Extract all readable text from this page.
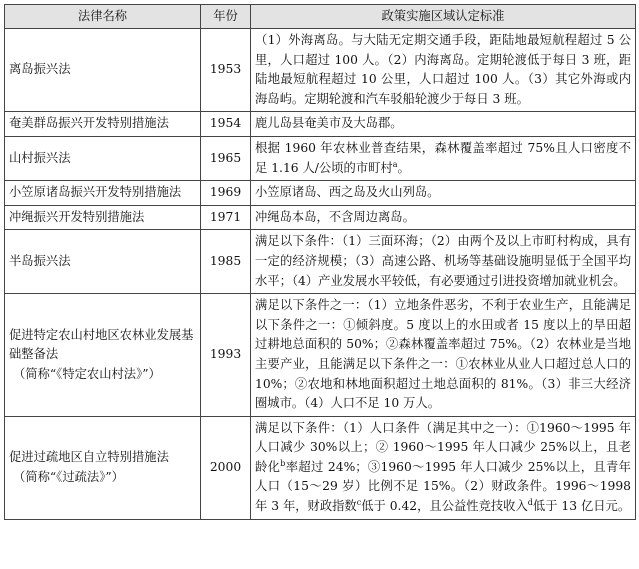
法律名称	年份	政策实施区域认定标准
离岛振兴法	1953	（1）外海离岛。与大陆无定期交通手段，距陆地最短航程超过 5 公里，人口超过 100 人。（2）内海离岛。定期轮渡低于每日 3 班，距陆地最短航程超过 10 公里，人口超过 100 人。（3）其它外海或内海岛屿。定期轮渡和汽车驳船轮渡少于每日 3 班。
奄美群岛振兴开发特别措施法	1954	鹿儿岛县奄美市及大岛郡。
山村振兴法	1965	根据 1960 年农林业普查结果，森林覆盖率超过 75%且人口密度不足 1.16 人/公顷的市町村$^a$。
小笠原诸岛振兴开发特别措施法	1969	小笠原诸岛、西之岛及火山列岛。
冲绳振兴开发特别措施法	1971	冲绳岛本岛，不含周边离岛。
半岛振兴法	1985	满足以下条件：（1）三面环海；（2）由两个及以上市町村构成，具有一定的经济规模；（3）高速公路、机场等基础设施明显低于全国平均水平；（4）产业发展水平较低，有必要通过引进投资增加就业机会。
促进特定农山村地区农林业发展基础整备法
（简称“《特定农山村法》”）	1993	满足以下条件之一：（1）立地条件恶劣，不利于农业生产，且能满足以下条件之一：①倾斜度。5 度以上的水田或者 15 度以上的旱田超过耕地总面积的 50%；②森林覆盖率超过 75%。（2）农林业是当地主要产业，且能满足以下条件之一：①农林业从业人口超过总人口的 10%；②农地和林地面积超过土地总面积的 81%。（3）非三大经济圈城市。（4）人口不足 10 万人。
促进过疏地区自立特别措施法
（简称“《过疏法》”）	2000	满足以下条件：（1）人口条件（满足其中之一）：①1960～1995 年人口减少 30%以上；② 1960～1995 年人口减少 25%以上，且老龄化$^b$率超过 24%；③1960～1995 年人口减少 25%以上，且青年人口（15～29 岁）比例不足 15%。（2）财政条件。1996～1998 年 3 年，财政指数$^c$低于 0.42，且公益性竞技收入$^d$低于 13 亿日元。
